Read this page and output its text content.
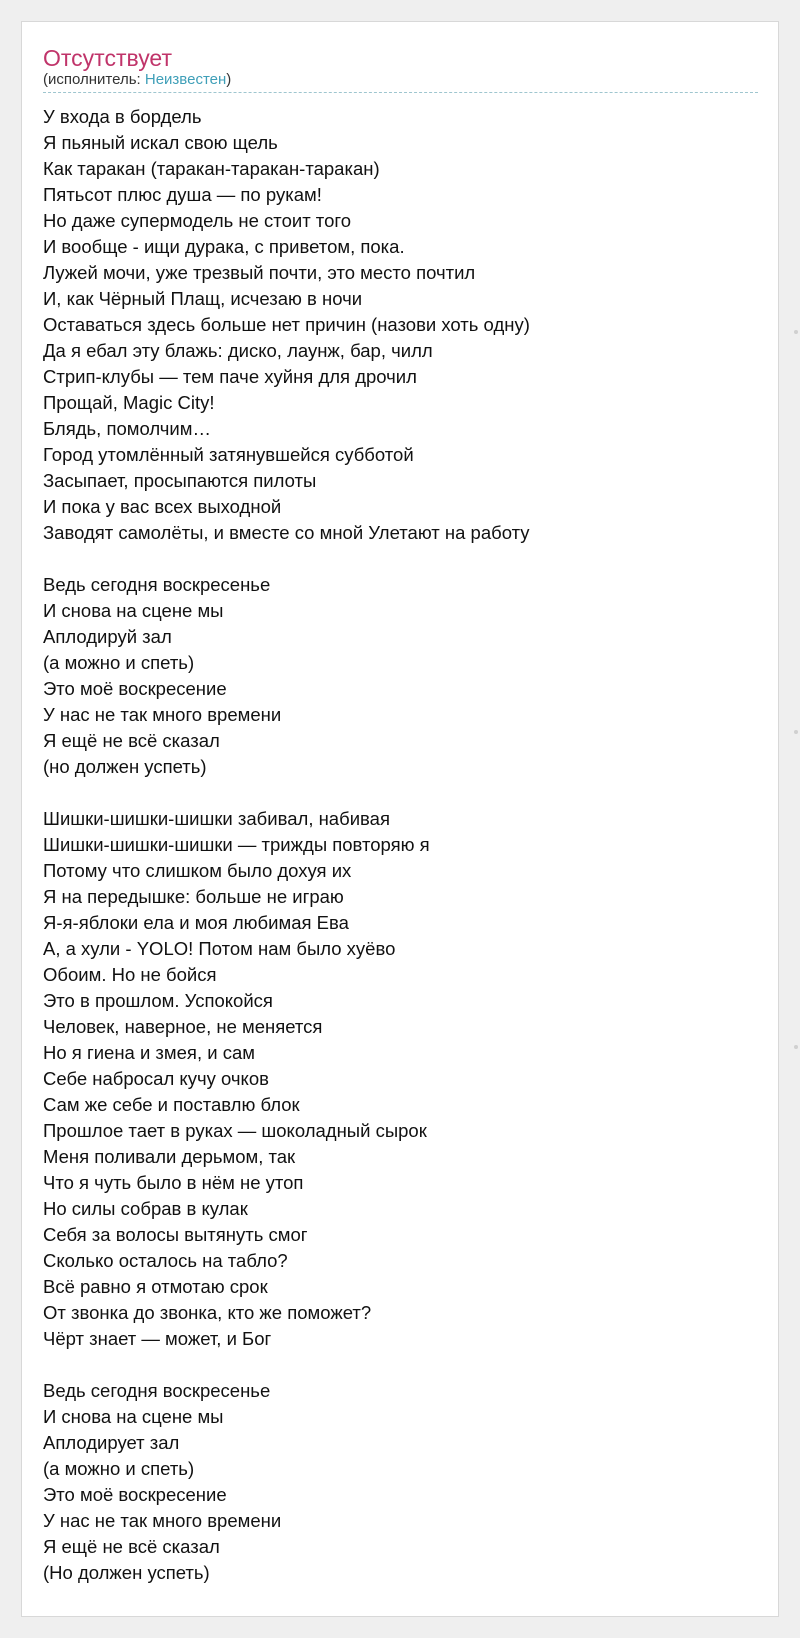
Отсутствует
(исполнитель: Неизвестен)
У входа в бордель
Я пьяный искал свою щель
Как таракан (таракан-таракан-таракан)
Пятьсот плюс душа — по рукам!
Но даже супермодель не стоит того
И вообще - ищи дурака, с приветом, пока.
Лужей мочи, уже трезвый почти, это место почтил
И, как Чёрный Плащ, исчезаю в ночи
Оставаться здесь больше нет причин (назови хоть одну)
Да я ебал эту блажь: диско, лаунж, бар, чилл
Стрип-клубы — тем паче хуйня для дрочил
Прощай, Magic City!
Блядь, помолчим…
Город утомлённый затянувшейся субботой
Засыпает, просыпаются пилоты
И пока у вас всех выходной
Заводят самолёты, и вместе со мной Улетают на работу
Ведь сегодня воскресенье
И снова на сцене мы
Аплодируй зал
(а можно и спеть)
Это моё воскресение
У нас не так много времени
Я ещё не всё сказал
(но должен успеть)
Шишки-шишки-шишки забивал, набивая
Шишки-шишки-шишки — трижды повторяю я
Потому что слишком было дохуя их
Я на передышке: больше не играю
Я-я-яблоки ела и моя любимая Ева
А, а хули - YOLO! Потом нам было хуёво
Обоим. Но не бойся
Это в прошлом. Успокойся
Человек, наверное, не меняется
Но я гиена и змея, и сам
Себе набросал кучу очков
Сам же себе и поставлю блок
Прошлое тает в руках — шоколадный сырок
Меня поливали дерьмом, так
Что я чуть было в нём не утоп
Но силы собрав в кулак
Себя за волосы вытянуть смог
Сколько осталось на табло?
Всё равно я отмотаю срок
От звонка до звонка, кто же поможет?
Чёрт знает — может, и Бог
Ведь сегодня воскресенье
И снова на сцене мы
Аплодирует зал
(а можно и спеть)
Это моё воскресение
У нас не так много времени
Я ещё не всё сказал
(Но должен успеть)
